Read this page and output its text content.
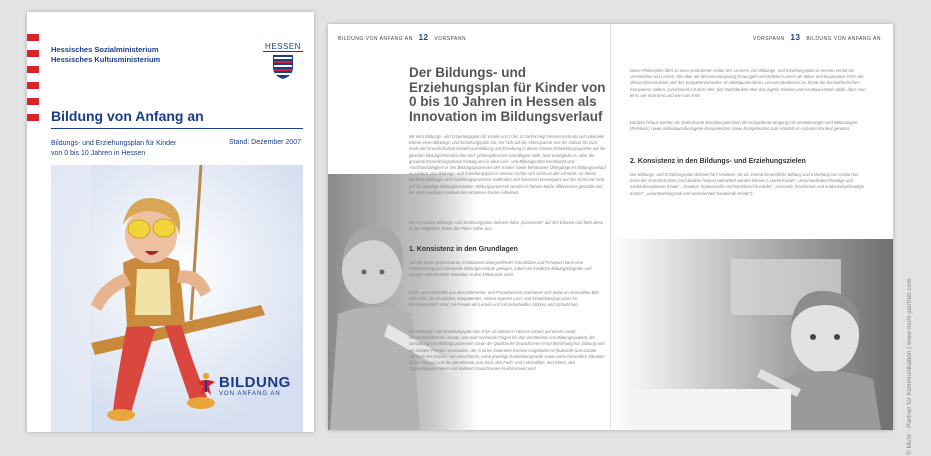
Hessisches Sozialministerium
Hessisches Kultusministerium
HESSEN
Bildung von Anfang an
Bildungs- und Erziehungsplan für Kinder
von 0 bis 10 Jahren in Hessen
Stand: Dezember 2007
BILDUNG
VON ANFANG AN
BILDUNG VON ANFANG AN 12 VORSPANN	VORSPANN 13 BILDUNG VON ANFANG AN
Der Bildungs- und Erziehungsplan für Kinder von 0 bis 10 Jahren in Hessen als Innovation im Bildungsverlauf
Mit dem Bildungs- und Erziehungsplan für Kinder von 0 bis 10 Jahren legt Hessen erstmals auf nationaler Ebene einen Bildungs- und Erziehungsplan vor, der sich auf die Altersspanne von der Geburt bis zum Ende der Grundschulzeit bezieht und Bildung und Erziehung in dieser breiten Entwicklungsspanne auf die gleichen bildungstheoretischen und -philosophischen Grundlagen stellt. Dies ermöglicht es, über die gesamte Entwicklungsphase hinweg und in allen Lern- und Bildungsorten Kontinuität und Anschlussfähigkeit in den Bildungsprozessen des Kindes sowie behutsame Übergänge im Bildungsverlauf zu sichern. Der Bildungs- und Erziehungsplan in Hessen richtet sich somit an alle Lernorte, an denen kindliche Bildungs- und Erziehungsprozesse stattfinden und fokussiert konsequent auf das Kind und nicht auf die jeweilige Bildungsinstitution. Bildungsprozesse werden in hohem Maße differenziert gestaltet und vor dem jeweiligen Kontext des einzelnen Kindes reflektiert.
Der hessische Bildungs- und Erziehungsplan definiert dafür „Konsistenz“ auf drei Ebenen und führt diese in den folgenden Teilen des Plans näher aus:
1. Konsistenz in den Grundlagen
Auf der Basis gemeinsamer, institutionen übergreifender Grundsätze und Prinzipien kann eine Fokussierung auf individuelle Bildungsverläufe gelingen, indem die kindliche Bildungsbiografie und weniger eine einzelne Institution in den Mittelpunkt rückt.
Fach- und Lehrkräfte aus dem Elementar- und Primarbereich orientieren sich dabei an demselben Bild vom Kind, als ein aktives, kompetentes, seinen eigenen Lern- und Entwicklungsprozess ko-konstruierendes Kind, mit Freude am Lernen und mit individuellen Stärken und Schwächen.
Der Bildungs- und Erziehungsplan von 0 bis 10 Jahren in Hessen basiert auf einem sozial-konstruktivistischen Ansatz, was weit reichende Folgen für das Verständnis von Bildungsqualität, die Gestaltung von Bildungsprozessen sowie die Qualität der Erwachsenen-Kind-Beziehung hat. Bildung wird als sozialer Prozess verstanden, der in einen konkreten Kontext eingebettet ist (kulturelle und soziale Herkunft des Kindes, sein Geschlecht, seine jeweilige Entwicklungsstufe sowie seine besondere Situation in der Gruppe) und der gemeinsam vom Kind, den Fach- und Lehrkräften, den Eltern, den Tagespflegepersonen und anderen Erwachsenen ko-konstruiert wird.
Diese Philosophie führt zu einer veränderten Kultur des Lernens. Der Bildungs- und Erziehungsplan in Hessen vertritt ein Verständnis von Lernen, das über die Wissensaneignung hinausgeht und definiert Lernen als aktive und kooperative Form der Wissenskonstruktion und des Kompetenzerwerbs. Im Mittelpunkt dieses Lernverständnisses im Sinne der lernmethodischen Kompetenz stehen, zunehmend mit dem Alter, das Nachdenken über das eigene Denken und ein Bewusstsein dafür, dass man lernt, wie man lernt und wie man lernt.
Darüber hinaus werden als bedeutsame Basiskompetenzen der kompetente Umgang mit Veränderungen und Belastungen (Resilienz) sowie individuumsbezogene Kompetenzen sowie Kompetenzen zum Handeln im sozialen Kontext genannt.
2. Konsistenz in den Bildungs- und Erziehungszielen
Der Bildungs- und Erziehungsplan definiert fünf Visionen, die als zentral für kindliche Bildung und Erziehung von Geburt bis Ende der Grundschulzeit (und darüber hinaus) betrachtet werden können („starke Kinder“, „kommunikationsfreudige und medienkompetente Kinder“, „kreative, fantasievolle und künstlerische Kinder“, „lernende, forschende und entdeckungsfreudige Kinder“, „verantwortungsvoll und wertorientiert handelnde Kinder“).
© Muhr · Partner für Kommunikation | www.muhr-partner.com
